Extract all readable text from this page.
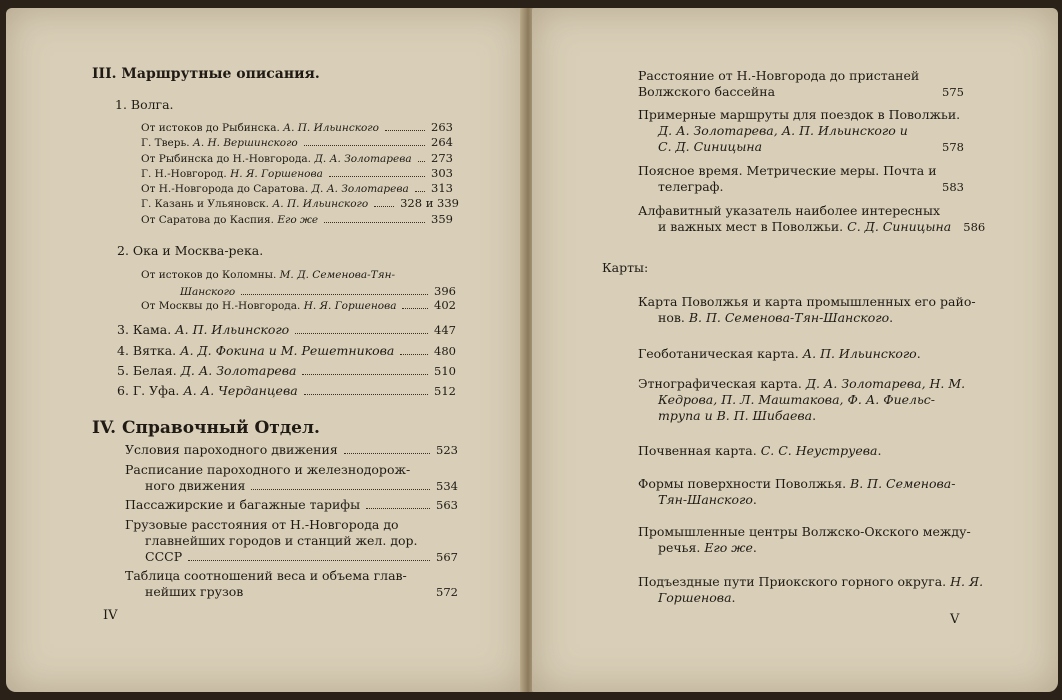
III. Маршрутные описания.
1. Волга.
От истоков до Рыбинска. А. П. Ильинского	263
Г. Тверь. А. Н. Вершинского	264
От Рыбинска до Н.-Новгорода. Д. А. Золотарева 273
Г. Н.-Новгород. Н. Я. Горшенова	303
От Н.-Новгорода до Саратова. Д. А. Золотарева 313
Г. Казань и Ульяновск. А. П. Ильинского	328 и 339
От Саратова до Каспия. Его же	359
2. Ока и Москва-река.
От истоков до Коломны. М. Д. Семенова-Тян-
Шанского	396
От Москвы до Н.-Новгорода. Н. Я. Горшенова	402
3. Кама. А. П. Ильинского	447
4. Вятка. А. Д. Фокина и М. Решетникова	480
5. Белая. Д. А. Золотарева	510
6. Г. Уфа. А. А. Черданцева	512
IV. Справочный Отдел.
Условия пароходного движения	523
Расписание пароходного и железнодорож-
ного движения	534
Пассажирские и багажные тарифы	563
Грузовые расстояния от Н.-Новгорода до
главнейших городов и станций жел. дор.
СССР	567
Таблица соотношений веса и объема глав-
нейших грузов	572
IV
Расстояние от Н.-Новгорода до пристаней
Волжского бассейна	575
Примерные маршруты для поездок в Поволжьи.
Д. А. Золотарева, А. П. Ильинского и
С. Д. Синицына	578
Поясное время. Метрические меры. Почта и
телеграф.	583
Алфавитный указатель наиболее интересных
и важных мест в Поволжьи. С. Д. Синицына 586
Карты:
Карта Поволжья и карта промышленных его райо-
нов. В. П. Семенова-Тян-Шанского.
Геоботаническая карта. А. П. Ильинского.
Этнографическая карта. Д. А. Золотарева, Н. М.
Кедрова, П. Л. Маштакова, Ф. А. Фиельс-
трупа и В. П. Шибаева.
Почвенная карта. С. С. Неуструева.
Формы поверхности Поволжья. В. П. Семенова-
Тян-Шанского.
Промышленные центры Волжско-Окского между-
речья. Его же.
Подъездные пути Приокского горного округа. Н. Я.
Горшенова.
V
